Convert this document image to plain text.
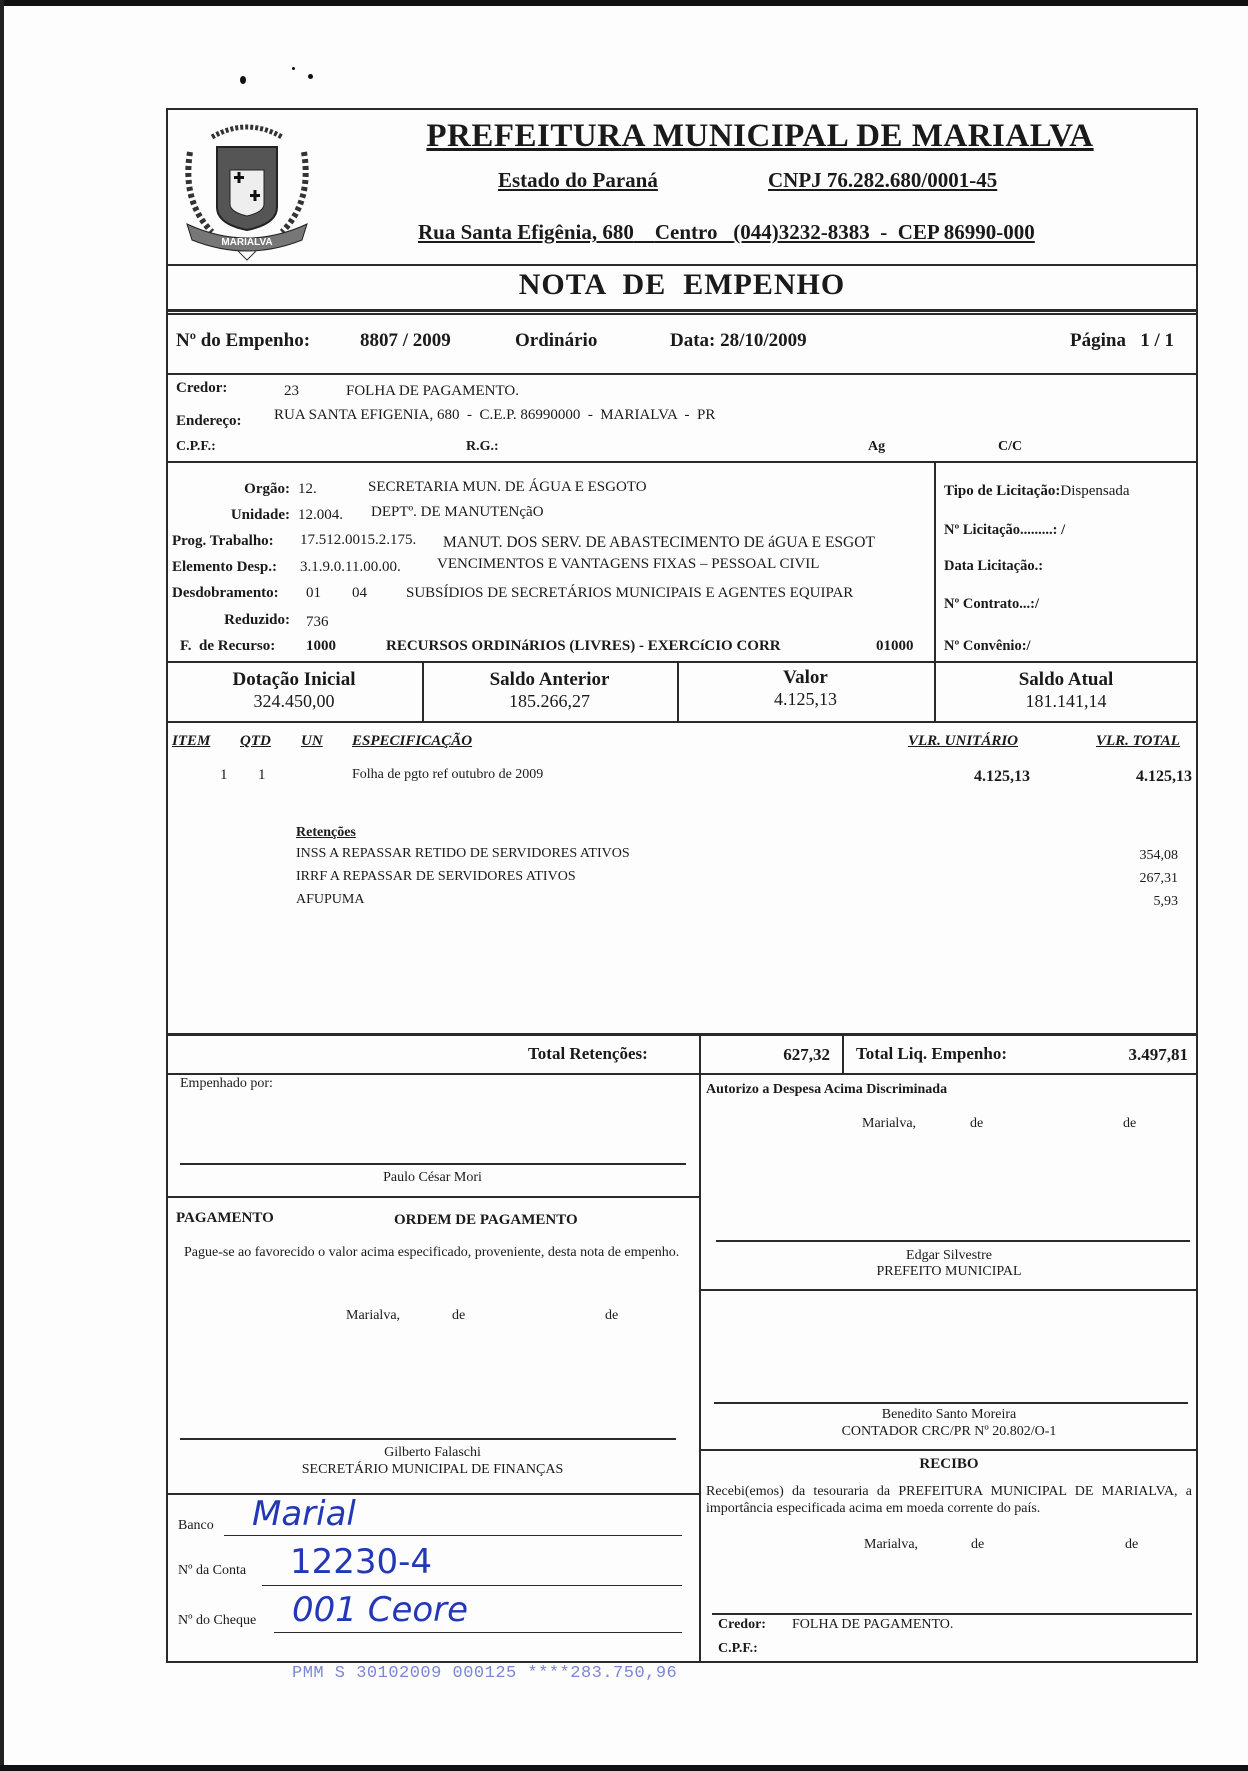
MARIALVA
PREFEITURA MUNICIPAL DE MARIALVA
Estado do Paraná	CNPJ 76.282.680/0001-45
Rua Santa Efigênia, 680 Centro (044)3232-8383  -  CEP 86990-000
NOTA  DE  EMPENHO
Nº do Empenho:	8807 / 2009	Ordinário	Data: 28/10/2009	Página   1 / 1
Credor:	23	FOLHA DE PAGAMENTO.
Endereço: RUA SANTA EFIGENIA, 680  -  C.E.P. 86990000  -  MARIALVA  -  PR
C.P.F.:	R.G.:	Ag	C/C
Orgão: 12.	SECRETARIA MUN. DE ÁGUA E ESGOTO
Unidade: 12.004. DEPTº. DE MANUTENçãO
Prog. Trabalho: 17.512.0015.2.175. MANUT. DOS SERV. DE ABASTECIMENTO DE áGUA E ESGOT
Elemento Desp.: 3.1.9.0.11.00.00. VENCIMENTOS E VANTAGENS FIXAS – PESSOAL CIVIL
Desdobramento: 01 04	SUBSÍDIOS DE SECRETÁRIOS MUNICIPAIS E AGENTES EQUIPAR
Reduzido: 736
F.  de Recurso: 1000	RECURSOS ORDINáRIOS (LIVRES) - EXERCíCIO CORR	01000
Tipo de Licitação:Dispensada
Nº Licitação.........: /
Data Licitação.:
Nº Contrato...:/
Nº Convênio:/
Dotação Inicial
324.450,00
Saldo Anterior
185.266,27
Valor
4.125,13
Saldo Atual
181.141,14
ITEM QTD UN ESPECIFICAÇÃO	VLR. UNITÁRIO	VLR. TOTAL
1 1	Folha de pgto ref outubro de 2009	4.125,13	4.125,13
Retenções
INSS A REPASSAR RETIDO DE SERVIDORES ATIVOS	354,08
IRRF A REPASSAR DE SERVIDORES ATIVOS	267,31
AFUPUMA	5,93
Total Retenções:	627,32 Total Liq. Empenho:	3.497,81
Empenhado por:
Paulo César Mori
PAGAMENTO	ORDEM DE PAGAMENTO
Pague-se ao favorecido o valor acima especificado, proveniente, desta nota de empenho.
Marialva,	de	de
Gilberto Falaschi
SECRETÁRIO MUNICIPAL DE FINANÇAS
Banco Marial
Nº da Conta 12230-4
Nº do Cheque 001 Ceore
Autorizo a Despesa Acima Discriminada
Marialva,	de	de
Edgar Silvestre
PREFEITO MUNICIPAL
Benedito Santo Moreira
CONTADOR CRC/PR Nº 20.802/O-1
RECIBO
Recebi(emos) da tesouraria da PREFEITURA MUNICIPAL DE MARIALVA, a importância especificada acima em moeda corrente do país.
Marialva,	de	de
Credor: FOLHA DE PAGAMENTO.
C.P.F.:
PMM S 30102009 000125 ****283.750,96
